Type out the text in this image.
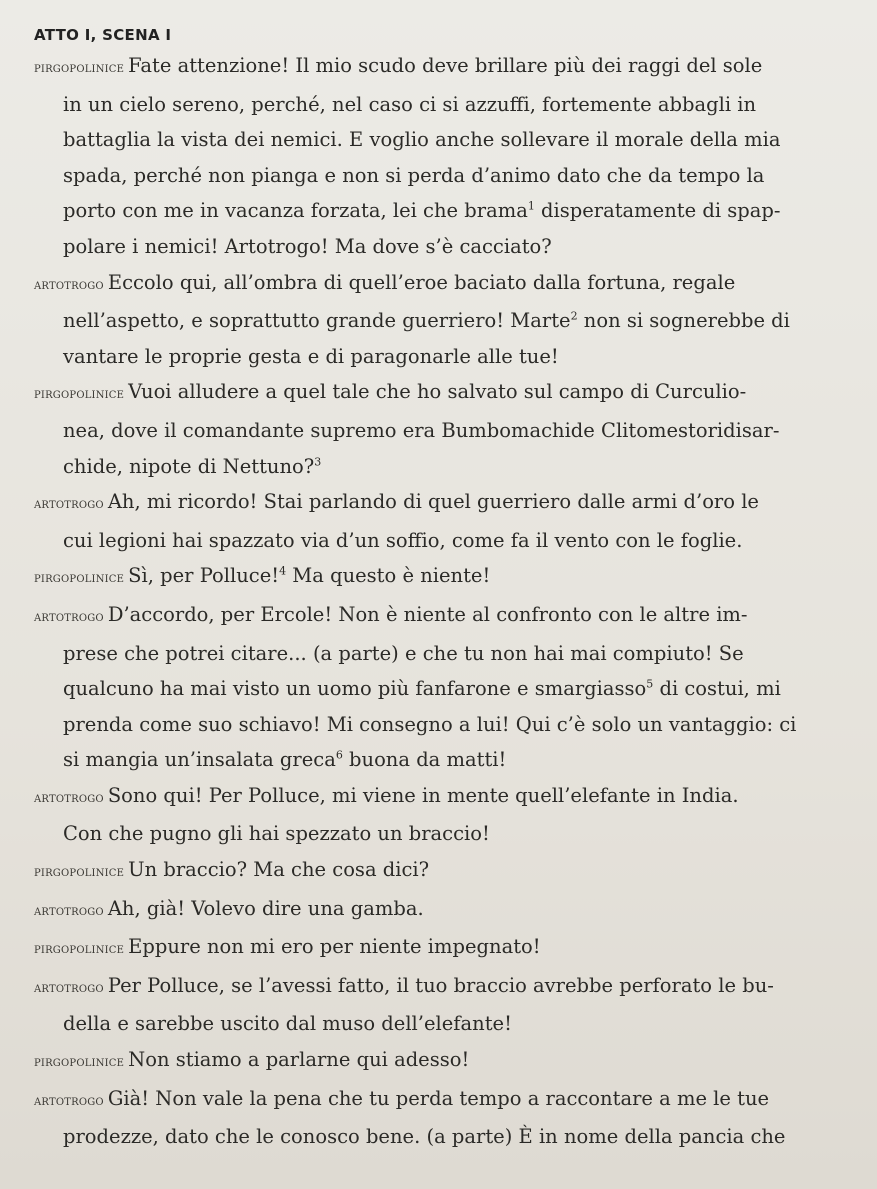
ATTO I, SCENA I

pirgopolinice Fate attenzione! Il mio scudo deve brillare più dei raggi del sole

in un cielo sereno, perché, nel caso ci si azzuffi, fortemente abbagli in

battaglia la vista dei nemici. E voglio anche sollevare il morale della mia

spada, perché non pianga e non si perda d’animo dato che da tempo la

porto con me in vacanza forzata, lei che brama$^1$ disperatamente di spap-

polare i nemici! Artotrogo! Ma dove s’è cacciato?

artotrogo Eccolo qui, all’ombra di quell’eroe baciato dalla fortuna, regale

nell’aspetto, e soprattutto grande guerriero! Marte$^2$ non si sognerebbe di

vantare le proprie gesta e di paragonarle alle tue!

pirgopolinice Vuoi alludere a quel tale che ho salvato sul campo di Curculio-

nea, dove il comandante supremo era Bumbomachide Clitomestoridisar-

chide, nipote di Nettuno?$^3$

artotrogo Ah, mi ricordo! Stai parlando di quel guerriero dalle armi d’oro le

cui legioni hai spazzato via d’un soffio, come fa il vento con le foglie.

pirgopolinice Sì, per Polluce!$^4$ Ma questo è niente!

artotrogo D’accordo, per Ercole! Non è niente al confronto con le altre im-

prese che potrei citare... (a parte) e che tu non hai mai compiuto! Se

qualcuno ha mai visto un uomo più fanfarone e smargiasso$^5$ di costui, mi

prenda come suo schiavo! Mi consegno a lui! Qui c’è solo un vantaggio: ci

si mangia un’insalata greca$^6$ buona da matti!

artotrogo Sono qui! Per Polluce, mi viene in mente quell’elefante in India.

Con che pugno gli hai spezzato un braccio!

pirgopolinice Un braccio? Ma che cosa dici?

artotrogo Ah, già! Volevo dire una gamba.

pirgopolinice Eppure non mi ero per niente impegnato!

artotrogo Per Polluce, se l’avessi fatto, il tuo braccio avrebbe perforato le bu-

della e sarebbe uscito dal muso dell’elefante!

pirgopolinice Non stiamo a parlarne qui adesso!

artotrogo Già! Non vale la pena che tu perda tempo a raccontare a me le tue

prodezze, dato che le conosco bene. (a parte) È in nome della pancia che
